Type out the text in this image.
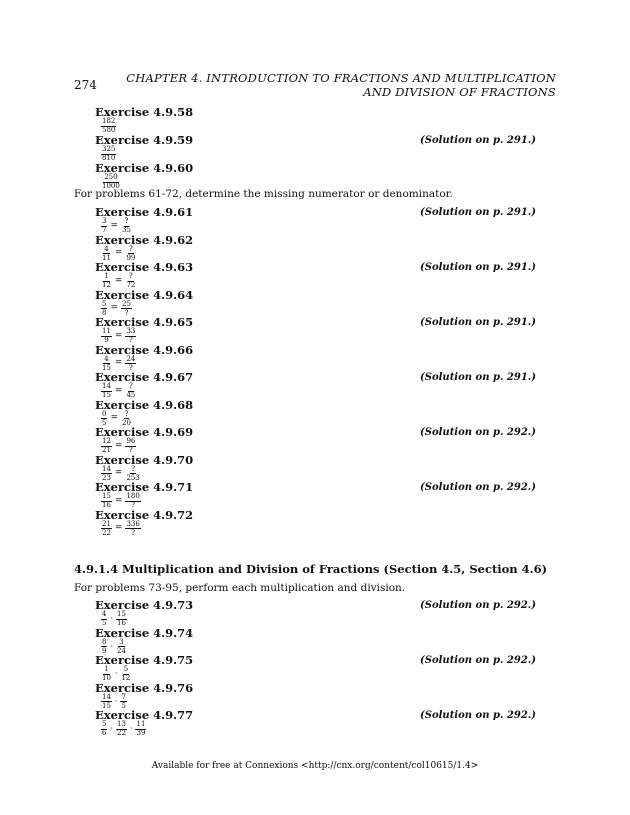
274	CHAPTER 4. INTRODUCTION TO FRACTIONS AND MULTIPLICATION
AND DIVISION OF FRACTIONS
Exercise 4.9.58
$\frac{182}{580}$
Exercise 4.9.59	(Solution on p. 291.)
$\frac{325}{810}$
Exercise 4.9.60
$\frac{250}{1000}$
For problems 61-72, determine the missing numerator or denominator.
Exercise 4.9.61	(Solution on p. 291.)
$\frac{3}{7} = \frac{?}{35}$
Exercise 4.9.62
$\frac{4}{11} = \frac{?}{99}$
Exercise 4.9.63	(Solution on p. 291.)
$\frac{1}{12} = \frac{?}{72}$
Exercise 4.9.64
$\frac{5}{8} = \frac{25}{?}$
Exercise 4.9.65	(Solution on p. 291.)
$\frac{11}{9} = \frac{33}{?}$
Exercise 4.9.66
$\frac{4}{15} = \frac{24}{?}$
Exercise 4.9.67	(Solution on p. 291.)
$\frac{14}{15} = \frac{?}{45}$
Exercise 4.9.68
$\frac{0}{5} = \frac{?}{20}$
Exercise 4.9.69	(Solution on p. 292.)
$\frac{12}{21} = \frac{96}{?}$
Exercise 4.9.70
$\frac{14}{23} = \frac{?}{253}$
Exercise 4.9.71	(Solution on p. 292.)
$\frac{15}{16} = \frac{180}{?}$
Exercise 4.9.72
$\frac{21}{22} = \frac{336}{?}$
4.9.1.4 Multiplication and Division of Fractions (Section 4.5, Section 4.6)
For problems 73-95, perform each multiplication and division.
Exercise 4.9.73	(Solution on p. 292.)
$\frac{4}{5} \cdot \frac{15}{16}$
Exercise 4.9.74
$\frac{8}{9} \cdot \frac{3}{24}$
Exercise 4.9.75	(Solution on p. 292.)
$\frac{1}{10} \cdot \frac{5}{12}$
Exercise 4.9.76
$\frac{14}{15} \cdot \frac{7}{5}$
Exercise 4.9.77	(Solution on p. 292.)
$\frac{5}{6} \cdot \frac{13}{22} \cdot \frac{11}{39}$
Available for free at Connexions <http://cnx.org/content/col10615/1.4>
